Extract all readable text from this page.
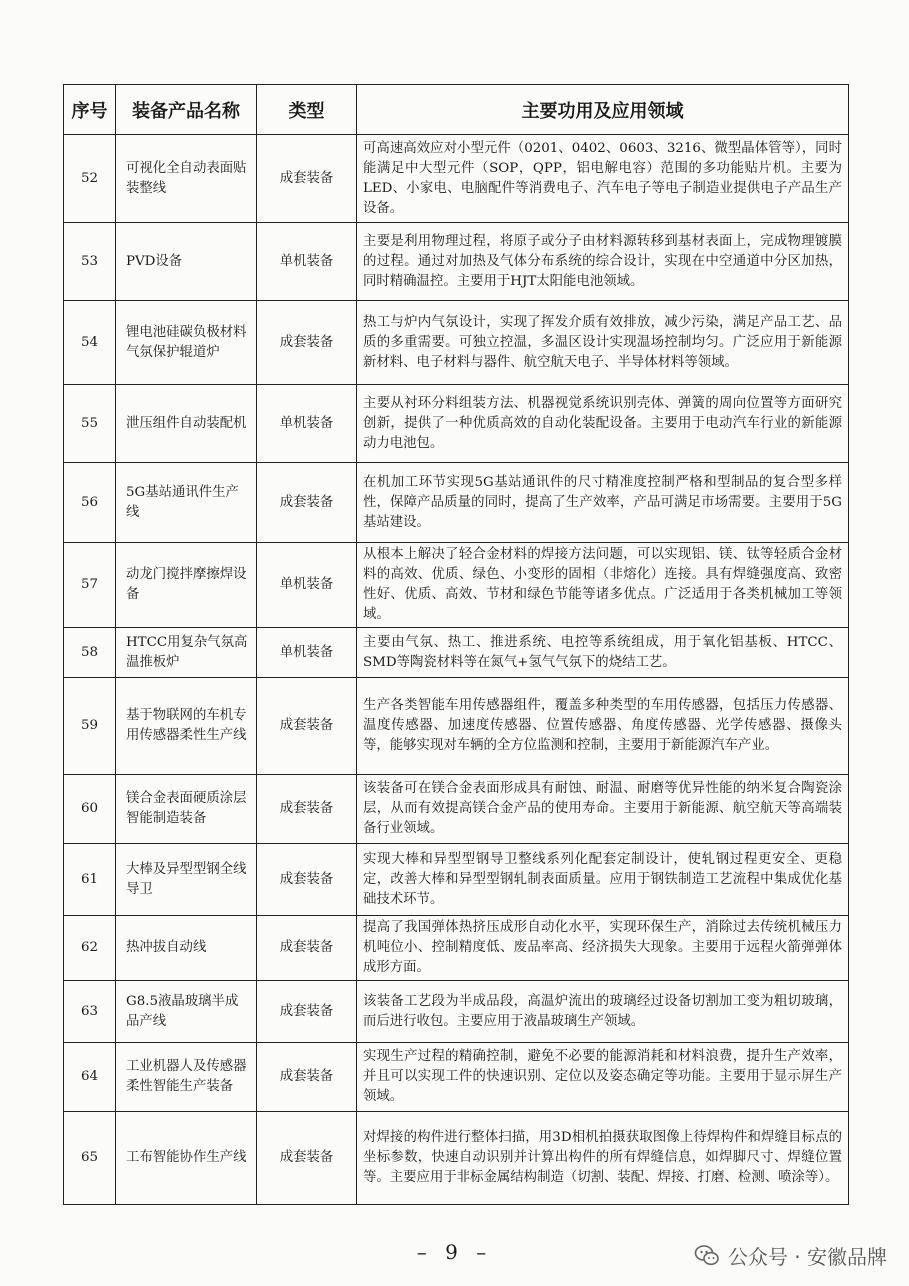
序号	装备产品名称	类型	主要功用及应用领域
52	可视化全自动表面贴装整线	成套装备	可高速高效应对小型元件（0201、0402、0603、3216、微型晶体管等），同时能满足中大型元件（SOP，QPP，铝电解电容）范围的多功能贴片机。主要为LED、小家电、电脑配件等消费电子、汽车电子等电子制造业提供电子产品生产设备。
53	PVD设备	单机装备	主要是利用物理过程，将原子或分子由材料源转移到基材表面上，完成物理镀膜的过程。通过对加热及气体分布系统的综合设计，实现在中空通道中分区加热，同时精确温控。主要用于HJT太阳能电池领域。
54	锂电池硅碳负极材料气氛保护辊道炉	成套装备	热工与炉内气氛设计，实现了挥发介质有效排放，减少污染，满足产品工艺、品质的多重需要。可独立控温，多温区设计实现温场控制均匀。广泛应用于新能源新材料、电子材料与器件、航空航天电子、半导体材料等领域。
55	泄压组件自动装配机	单机装备	主要从衬环分料组装方法、机器视觉系统识别壳体、弹簧的周向位置等方面研究创新，提供了一种优质高效的自动化装配设备。主要用于电动汽车行业的新能源动力电池包。
56	5G基站通讯件生产线	成套装备	在机加工环节实现5G基站通讯件的尺寸精准度控制严格和型制品的复合型多样性，保障产品质量的同时，提高了生产效率，产品可满足市场需要。主要用于5G基站建设。
57	动龙门搅拌摩擦焊设备	单机装备	从根本上解决了轻合金材料的焊接方法问题，可以实现铝、镁、钛等轻质合金材料的高效、优质、绿色、小变形的固相（非熔化）连接。具有焊缝强度高、致密性好、优质、高效、节材和绿色节能等诸多优点。广泛适用于各类机械加工等领域。
58	HTCC用复杂气氛高温推板炉	单机装备	主要由气氛、热工、推进系统、电控等系统组成，用于氧化铝基板、HTCC、SMD等陶瓷材料等在氮气+氢气气氛下的烧结工艺。
59	基于物联网的车机专用传感器柔性生产线	成套装备	生产各类智能车用传感器组件，覆盖多种类型的车用传感器，包括压力传感器、温度传感器、加速度传感器、位置传感器、角度传感器、光学传感器、摄像头等，能够实现对车辆的全方位监测和控制，主要用于新能源汽车产业。
60	镁合金表面硬质涂层智能制造装备	成套装备	该装备可在镁合金表面形成具有耐蚀、耐温、耐磨等优异性能的纳米复合陶瓷涂层，从而有效提高镁合金产品的使用寿命。主要用于新能源、航空航天等高端装备行业领域。
61	大棒及异型型钢全线导卫	成套装备	实现大棒和异型型钢导卫整线系列化配套定制设计，使轧钢过程更安全、更稳定，改善大棒和异型型钢轧制表面质量。应用于钢铁制造工艺流程中集成优化基础技术环节。
62	热冲拔自动线	成套装备	提高了我国弹体热挤压成形自动化水平，实现环保生产，消除过去传统机械压力机吨位小、控制精度低、废品率高、经济损失大现象。主要用于远程火箭弹弹体成形方面。
63	G8.5液晶玻璃半成品产线	成套装备	该装备工艺段为半成品段，高温炉流出的玻璃经过设备切割加工变为粗切玻璃，而后进行收包。主要应用于液晶玻璃生产领域。
64	工业机器人及传感器柔性智能生产装备	成套装备	实现生产过程的精确控制，避免不必要的能源消耗和材料浪费，提升生产效率，并且可以实现工件的快速识别、定位以及姿态确定等功能。主要用于显示屏生产领域。
65	工布智能协作生产线	成套装备	对焊接的构件进行整体扫描，用3D相机拍摄获取图像上待焊构件和焊缝目标点的坐标参数，快速自动识别并计算出构件的所有焊缝信息，如焊脚尺寸、焊缝位置等。主要应用于非标金属结构制造（切割、装配、焊接、打磨、检测、喷涂等）。
– 9 –	公众号 · 安徽品牌
